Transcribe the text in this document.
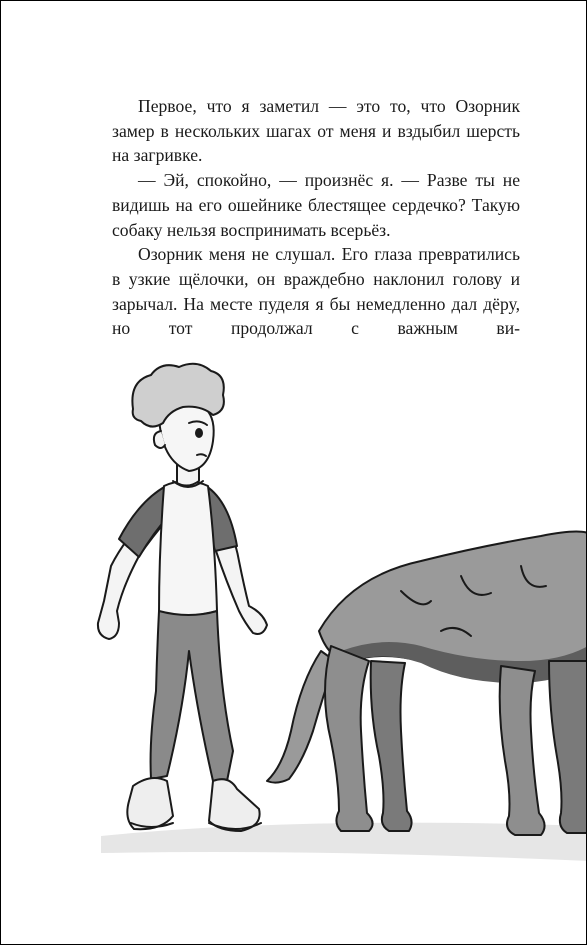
Первое, что я заметил — это то, что Озорник замер в нескольких шагах от меня и вздыбил шерсть на загривке.

— Эй, спокойно, — произнёс я. — Разве ты не видишь на его ошейнике блестящее сердечко? Такую собаку нельзя воспринимать всерьёз.

Озорник меня не слушал. Его глаза превратились в узкие щёлочки, он враждебно наклонил голову и зарычал. На месте пуделя я бы немедленно дал дёру, но тот продолжал с важным ви-
